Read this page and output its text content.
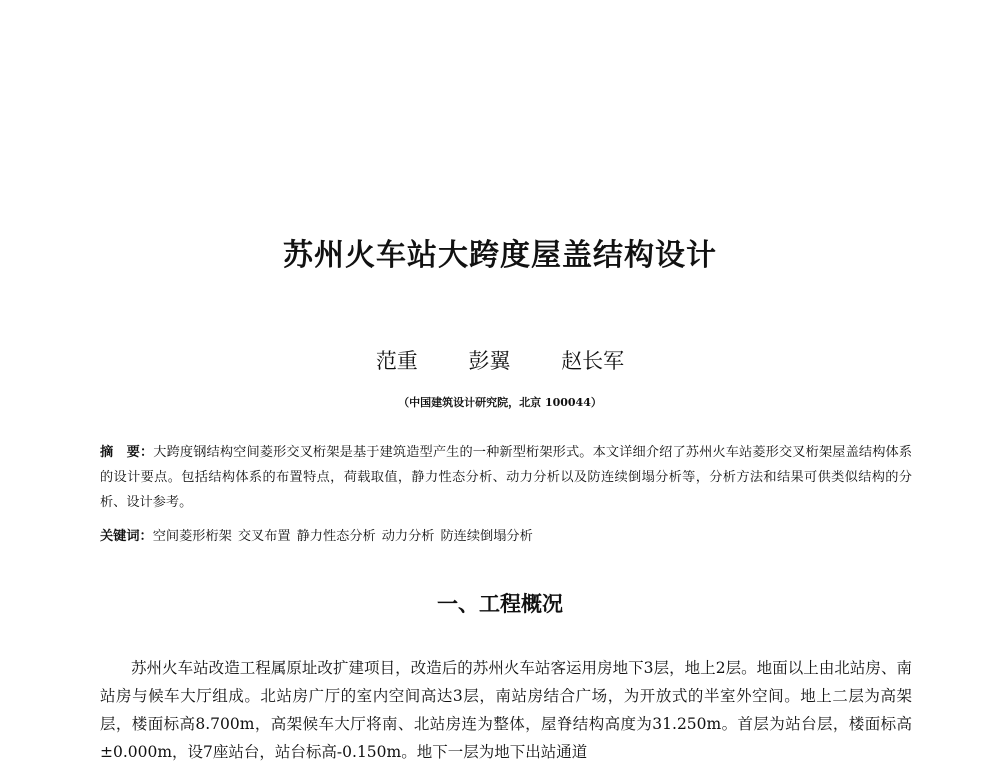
苏州火车站大跨度屋盖结构设计

范重 彭翼 赵长军

（中国建筑设计研究院，北京 100044）

摘　要：大跨度钢结构空间菱形交叉桁架是基于建筑造型产生的一种新型桁架形式。本文详细介绍了苏州火车站菱形交叉桁架屋盖结构体系的设计要点。包括结构体系的布置特点，荷载取值，静力性态分析、动力分析以及防连续倒塌分析等，分析方法和结果可供类似结构的分析、设计参考。

关键词：空间菱形桁架 交叉布置 静力性态分析 动力分析 防连续倒塌分析

一、工程概况

苏州火车站改造工程属原址改扩建项目，改造后的苏州火车站客运用房地下3层，地上2层。地面以上由北站房、南站房与候车大厅组成。北站房广厅的室内空间高达3层，南站房结合广场，为开放式的半室外空间。地上二层为高架层，楼面标高8.700m，高架候车大厅将南、北站房连为整体，屋脊结构高度为31.250m。首层为站台层，楼面标高±0.000m，设7座站台，站台标高-0.150m。地下一层为地下出站通道
